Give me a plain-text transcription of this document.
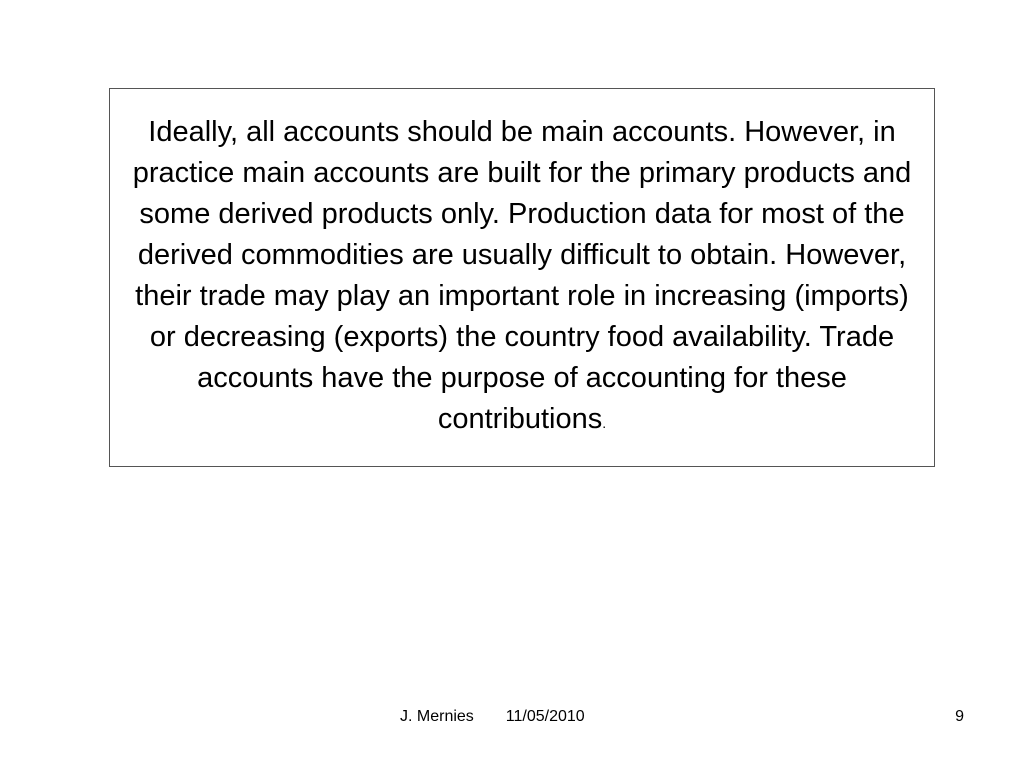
Ideally, all accounts should be main accounts. However, in practice main accounts are built for the primary products and some derived products only. Production data for most of the derived commodities are usually difficult to obtain. However, their trade may play an important role in increasing (imports) or decreasing (exports) the country food availability. Trade accounts have the purpose of accounting for these contributions.

J. Mernies 11/05/2010	9
